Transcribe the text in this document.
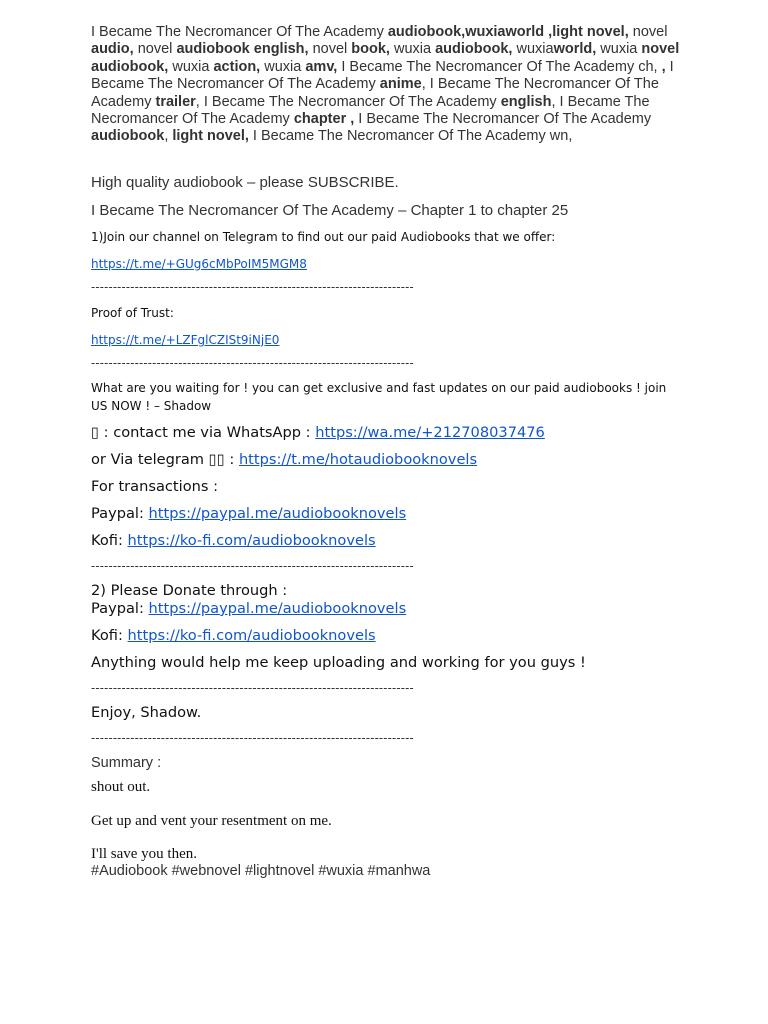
I Became The Necromancer Of The Academy audiobook,wuxiaworld ,light novel, novel audio, novel audiobook english, novel book, wuxia audiobook, wuxiaworld, wuxia novel audiobook, wuxia action, wuxia amv, I Became The Necromancer Of The Academy ch, , I Became The Necromancer Of The Academy anime, I Became The Necromancer Of The Academy trailer, I Became The Necromancer Of The Academy english, I Became The Necromancer Of The Academy chapter , I Became The Necromancer Of The Academy audiobook, light novel, I Became The Necromancer Of The Academy wn,

High quality audiobook – please SUBSCRIBE.

I Became The Necromancer Of The Academy – Chapter 1 to chapter 25

1)Join our channel on Telegram to find out our paid Audiobooks that we offer:

https://t.me/+GUg6cMbPoIM5MGM8

--------------------------------------------------------------------------

Proof of Trust:

https://t.me/+LZFglCZISt9iNjE0

--------------------------------------------------------------------------

What are you waiting for ! you can get exclusive and fast updates on our paid audiobooks ! join US NOW ! – Shadow

▯ : contact me via WhatsApp : https://wa.me/+212708037476

or Via telegram ▯▯ : https://t.me/hotaudiobooknovels

For transactions :

Paypal: https://paypal.me/audiobooknovels

Kofi: https://ko-fi.com/audiobooknovels

--------------------------------------------------------------------------

2) Please Donate through :

Paypal: https://paypal.me/audiobooknovels

Kofi: https://ko-fi.com/audiobooknovels

Anything would help me keep uploading and working for you guys !

--------------------------------------------------------------------------

Enjoy, Shadow.

--------------------------------------------------------------------------

Summary :

shout out.

Get up and vent your resentment on me.

I'll save you then.

#Audiobook #webnovel #lightnovel #wuxia #manhwa
